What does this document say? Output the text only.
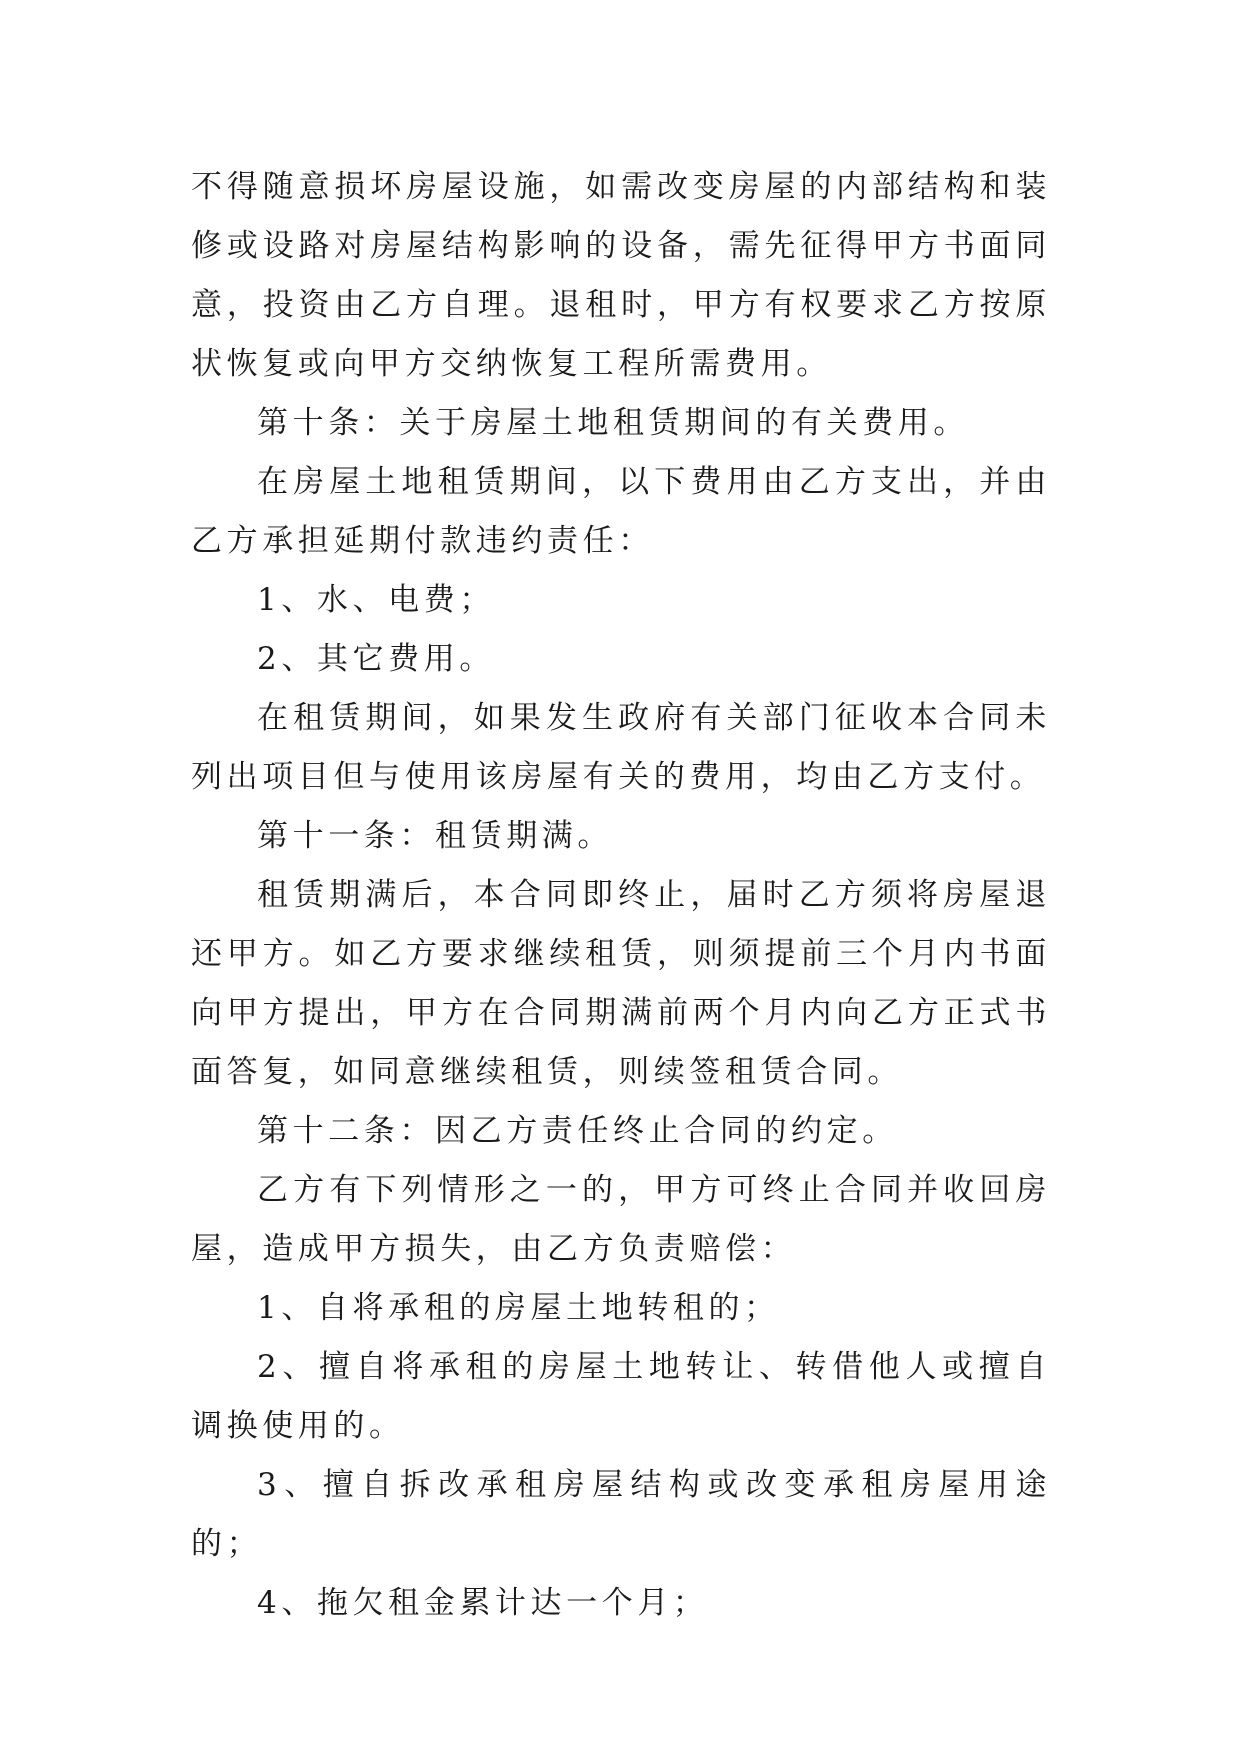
不得随意损坏房屋设施，如需改变房屋的内部结构和装修或设路对房屋结构影响的设备，需先征得甲方书面同意，投资由乙方自理。退租时，甲方有权要求乙方按原状恢复或向甲方交纳恢复工程所需费用。

第十条：关于房屋土地租赁期间的有关费用。

在房屋土地租赁期间，以下费用由乙方支出，并由乙方承担延期付款违约责任：

1、水、电费；

2、其它费用。

在租赁期间，如果发生政府有关部门征收本合同未列出项目但与使用该房屋有关的费用，均由乙方支付。

第十一条：租赁期满。

租赁期满后，本合同即终止，届时乙方须将房屋退还甲方。如乙方要求继续租赁，则须提前三个月内书面向甲方提出，甲方在合同期满前两个月内向乙方正式书面答复，如同意继续租赁，则续签租赁合同。

第十二条：因乙方责任终止合同的约定。

乙方有下列情形之一的，甲方可终止合同并收回房屋，造成甲方损失，由乙方负责赔偿：

1、自将承租的房屋土地转租的；

2、擅自将承租的房屋土地转让、转借他人或擅自调换使用的。

3、擅自拆改承租房屋结构或改变承租房屋用途的；

4、拖欠租金累计达一个月；
